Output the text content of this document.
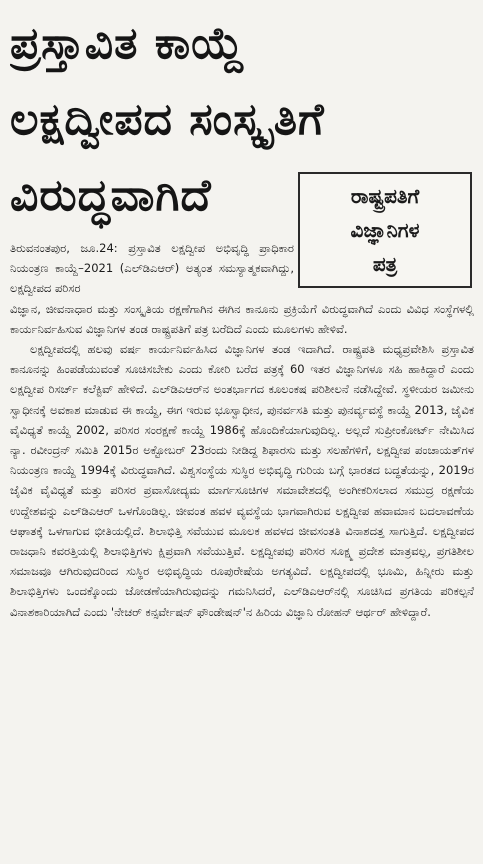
ಪ್ರಸ್ತಾವಿತ ಕಾಯ್ದೆ
ಲಕ್ಷದ್ವೀಪದ ಸಂಸ್ಕೃತಿಗೆ
ವಿರುದ್ಧವಾಗಿದೆ	ರಾಷ್ಟ್ರಪತಿಗೆ
ವಿಜ್ಞಾನಿಗಳ
ಪತ್ರ

ತಿರುವನಂತಪುರ, ಜೂ.24: ಪ್ರಸ್ತಾವಿತ ಲಕ್ಷದ್ವೀಪ ಅಭಿವೃದ್ಧಿ ಪ್ರಾಧಿಕಾರ ನಿಯಂತ್ರಣ ಕಾಯ್ದೆ–2021 (ಎಲ್‌ಡಿಎಆರ್) ಅತ್ಯಂತ ಸಮಸ್ಯಾತ್ಮಕವಾಗಿದ್ದು, ಲಕ್ಷದ್ವೀಪದ ಪರಿಸರ

ವಿಜ್ಞಾನ, ಜೀವನಾಧಾರ ಮತ್ತು ಸಂಸ್ಕೃತಿಯ ರಕ್ಷಣೆಗಾಗಿನ ಈಗಿನ ಕಾನೂನು ಪ್ರಕ್ರಿಯೆಗೆ ವಿರುದ್ಧವಾಗಿದೆ ಎಂದು ವಿವಿಧ ಸಂಸ್ಥೆಗಳಲ್ಲಿ ಕಾರ್ಯನಿರ್ವಹಿಸುವ ವಿಜ್ಞಾನಿಗಳ ತಂಡ ರಾಷ್ಟ್ರಪತಿಗೆ ಪತ್ರ ಬರೆದಿದೆ ಎಂದು ಮೂಲಗಳು ಹೇಳಿವೆ.

ಲಕ್ಷದ್ವೀಪದಲ್ಲಿ ಹಲವು ವರ್ಷ ಕಾರ್ಯನಿರ್ವಹಿಸಿದ ವಿಜ್ಞಾನಿಗಳ ತಂಡ ಇದಾಗಿದೆ. ರಾಷ್ಟ್ರಪತಿ ಮಧ್ಯಪ್ರವೇಶಿಸಿ ಪ್ರಸ್ತಾವಿತ ಕಾನೂನನ್ನು ಹಿಂಪಡೆಯುವಂತೆ ಸೂಚಿಸಬೇಕು ಎಂದು ಕೋರಿ ಬರೆದ ಪತ್ರಕ್ಕೆ 60 ಇತರ ವಿಜ್ಞಾನಿಗಳೂ ಸಹಿ ಹಾಕಿದ್ದಾರೆ ಎಂದು ಲಕ್ಷದ್ವೀಪ ರಿಸರ್ಚ್ ಕಲೆಕ್ಟಿವ್ ಹೇಳಿದೆ. ಎಲ್‌ಡಿಎಆರ್‌ನ ಅಂತರ್ಭಾಗದ ಕೂಲಂಕಷ ಪರಿಶೀಲನೆ ನಡೆಸಿದ್ದೇವೆ. ಸ್ಥಳೀಯರ ಜಮೀನು ಸ್ವಾಧೀನಕ್ಕೆ ಅವಕಾಶ ಮಾಡುವ ಈ ಕಾಯ್ದೆ, ಈಗ ಇರುವ ಭೂಸ್ವಾಧೀನ, ಪುನರ್ವಸತಿ ಮತ್ತು ಪುನರ್ವ್ಯವಸ್ಥೆ ಕಾಯ್ದೆ 2013, ಜೈವಿಕ ವೈವಿಧ್ಯತೆ ಕಾಯ್ದೆ 2002, ಪರಿಸರ ಸಂರಕ್ಷಣೆ ಕಾಯ್ದೆ 1986ಕ್ಕೆ ಹೊಂದಿಕೆಯಾಗುವುದಿಲ್ಲ. ಅಲ್ಲದೆ ಸುಪ್ರೀಂಕೋರ್ಟ್ ನೇಮಿಸಿದ ನ್ಯಾ. ರವೀಂದ್ರನ್ ಸಮಿತಿ 2015ರ ಅಕ್ಟೋಬರ್ 23ರಂದು ನೀಡಿದ್ದ ಶಿಫಾರಸು ಮತ್ತು ಸಲಹೆಗಳಿಗೆ, ಲಕ್ಷದ್ವೀಪ ಪಂಚಾಯತ್‌ಗಳ ನಿಯಂತ್ರಣ ಕಾಯ್ದೆ 1994ಕ್ಕೆ ವಿರುದ್ಧವಾಗಿದೆ. ವಿಶ್ವಸಂಸ್ಥೆಯ ಸುಸ್ಥಿರ ಅಭಿವೃದ್ಧಿ ಗುರಿಯ ಬಗ್ಗೆ ಭಾರತದ ಬದ್ಧತೆಯನ್ನು, 2019ರ ಜೈವಿಕ ವೈವಿಧ್ಯತೆ ಮತ್ತು ಪರಿಸರ ಪ್ರವಾಸೋದ್ಯಮ ಮಾರ್ಗಸೂಚಿಗಳ ಸಮಾವೇಶದಲ್ಲಿ ಅಂಗೀಕರಿಸಲಾದ ಸಮುದ್ರ ರಕ್ಷಣೆಯ ಉದ್ದೇಶವನ್ನು ಎಲ್‌ಡಿಎಆರ್ ಒಳಗೊಂಡಿಲ್ಲ. ಜೀವಂತ ಹವಳ ವ್ಯವಸ್ಥೆಯ ಭಾಗವಾಗಿರುವ ಲಕ್ಷದ್ವೀಪ ಹವಾಮಾನ ಬದಲಾವಣೆಯ ಆಘಾತಕ್ಕೆ ಒಳಗಾಗುವ ಭೀತಿಯಲ್ಲಿದೆ. ಶಿಲಾಭಿತ್ತಿ ಸವೆಯುವ ಮೂಲಕ ಹವಳದ ಜೀವಸಂತತಿ ವಿನಾಶದತ್ತ ಸಾಗುತ್ತಿದೆ. ಲಕ್ಷದ್ವೀಪದ ರಾಜಧಾನಿ ಕವರತ್ತಿಯಲ್ಲಿ ಶಿಲಾಭಿತ್ತಿಗಳು ಕ್ಷಿಪ್ರವಾಗಿ ಸವೆಯುತ್ತಿವೆ. ಲಕ್ಷದ್ವೀಪವು ಪರಿಸರ ಸೂಕ್ಷ್ಮ ಪ್ರದೇಶ ಮಾತ್ರವಲ್ಲ, ಪ್ರಗತಿಶೀಲ ಸಮಾಜವೂ ಆಗಿರುವುದರಿಂದ ಸುಸ್ಥಿರ ಅಭಿವೃದ್ಧಿಯ ರೂಪುರೇಷೆಯ ಅಗತ್ಯವಿದೆ. ಲಕ್ಷದ್ವೀಪದಲ್ಲಿ ಭೂಮಿ, ಹಿನ್ನೀರು ಮತ್ತು ಶಿಲಾಭಿತ್ತಿಗಳು ಒಂದಕ್ಕೊಂದು ಜೋಡಣೆಯಾಗಿರುವುದನ್ನು ಗಮನಿಸಿದರೆ, ಎಲ್‌ಡಿಎಆರ್‌ನಲ್ಲಿ ಸೂಚಿಸಿದ ಪ್ರಗತಿಯ ಪರಿಕಲ್ಪನೆ ವಿನಾಶಕಾರಿಯಾಗಿದೆ ಎಂದು 'ನೇಚರ್ ಕನ್ಸರ್ವೇಷನ್ ಫೌಂಡೇಷನ್'ನ ಹಿರಿಯ ವಿಜ್ಞಾನಿ ರೋಹನ್ ಆರ್ಥರ್ ಹೇಳಿದ್ದಾರೆ.
